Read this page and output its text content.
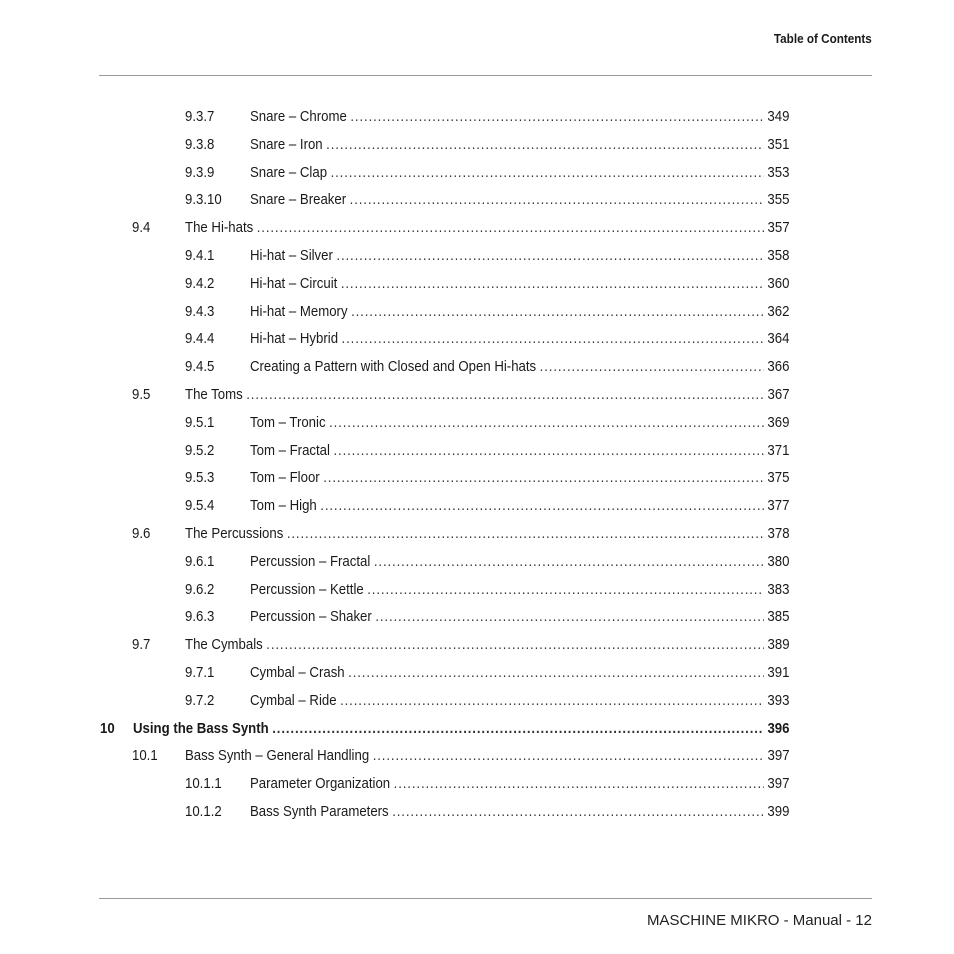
Table of Contents
9.3.7 Snare – Chrome .....	349
9.3.8 Snare – Iron .....	351
9.3.9 Snare – Clap .....	353
9.3.10 Snare – Breaker .....	355
9.4 The Hi-hats .....	357
9.4.1 Hi-hat – Silver .....	358
9.4.2 Hi-hat – Circuit .....	360
9.4.3 Hi-hat – Memory .....	362
9.4.4 Hi-hat – Hybrid .....	364
9.4.5 Creating a Pattern with Closed and Open Hi-hats .....	366
9.5 The Toms .....	367
9.5.1 Tom – Tronic .....	369
9.5.2 Tom – Fractal .....	371
9.5.3 Tom – Floor .....	375
9.5.4 Tom – High .....	377
9.6 The Percussions .....	378
9.6.1 Percussion – Fractal .....	380
9.6.2 Percussion – Kettle .....	383
9.6.3 Percussion – Shaker .....	385
9.7 The Cymbals .....	389
9.7.1 Cymbal – Crash .....	391
9.7.2 Cymbal – Ride .....	393
10 Using the Bass Synth .....	396
10.1 Bass Synth – General Handling .....	397
10.1.1 Parameter Organization .....	397
10.1.2 Bass Synth Parameters .....	399
MASCHINE MIKRO - Manual - 12
